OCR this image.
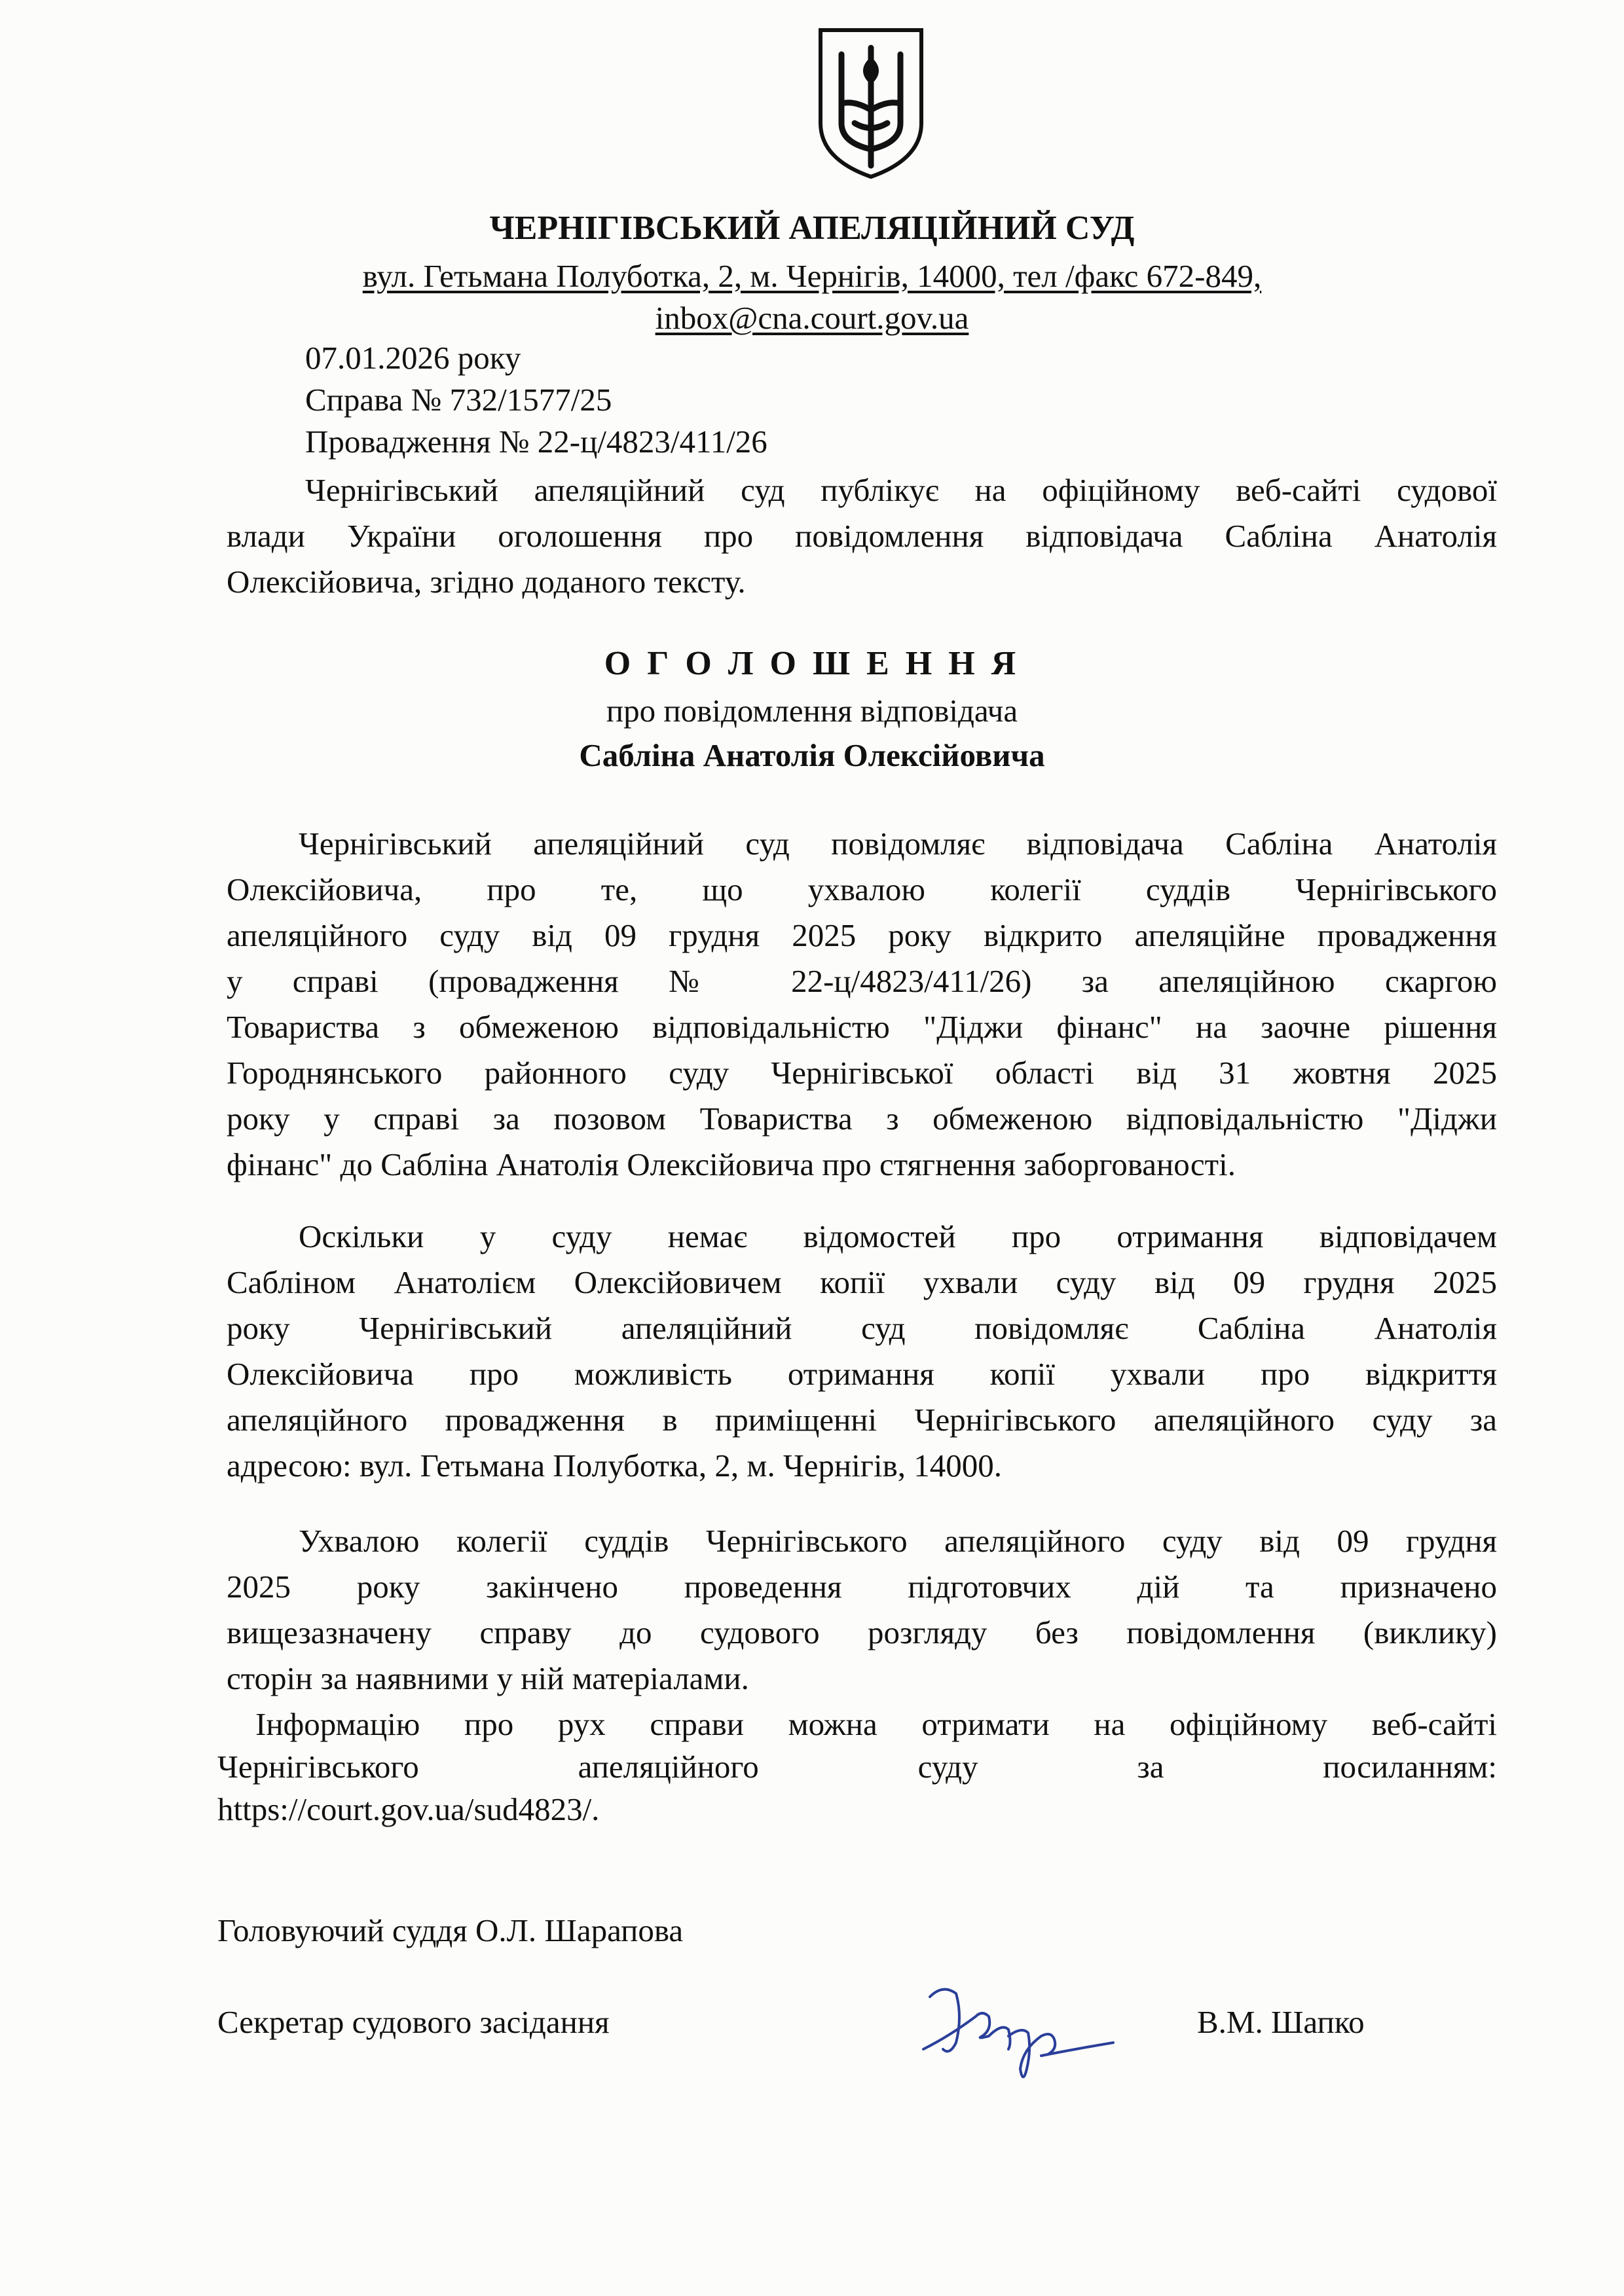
ЧЕРНІГІВСЬКИЙ АПЕЛЯЦІЙНИЙ СУД
вул. Гетьмана Полуботка, 2, м. Чернігів, 14000, тел /факс 672-849,
inbox@cna.court.gov.ua
07.01.2026 року
Справа № 732/1577/25
Провадження № 22-ц/4823/411/26
Чернігівський апеляційний суд публікує на офіційному веб-сайті судової
влади України оголошення про повідомлення відповідача Сабліна Анатолія
Олексійовича, згідно доданого тексту.
О Г О Л О Ш Е Н Н Я
про повідомлення відповідача
Сабліна Анатолія Олексійовича
Чернігівський апеляційний суд повідомляє відповідача Сабліна Анатолія
Олексійовича, про те, що ухвалою колегії суддів Чернігівського
апеляційного суду від 09 грудня 2025 року відкрито апеляційне провадження
у справі (провадження № 22-ц/4823/411/26) за апеляційною скаргою
Товариства з обмеженою відповідальністю "Діджи фінанс" на заочне рішення
Городнянського районного суду Чернігівської області від 31 жовтня 2025
року у справі за позовом Товариства з обмеженою відповідальністю "Діджи
фінанс" до Сабліна Анатолія Олексійовича про стягнення заборгованості.
Оскільки у суду немає відомостей про отримання відповідачем
Сабліном Анатолієм Олексійовичем копії ухвали суду від 09 грудня 2025
року Чернігівський апеляційний суд повідомляє Сабліна Анатолія
Олексійовича про можливість отримання копії ухвали про відкриття
апеляційного провадження в приміщенні Чернігівського апеляційного суду за
адресою: вул. Гетьмана Полуботка, 2, м. Чернігів, 14000.
Ухвалою колегії суддів Чернігівського апеляційного суду від 09 грудня
2025 року закінчено проведення підготовчих дій та призначено
вищезазначену справу до судового розгляду без повідомлення (виклику)
сторін за наявними у ній матеріалами.
Інформацію про рух справи можна отримати на офіційному веб-сайті
Чернігівського апеляційного суду за посиланням:
https://court.gov.ua/sud4823/.
Головуючий суддя О.Л. Шарапова
Секретар судового засідання	В.М. Шапко
